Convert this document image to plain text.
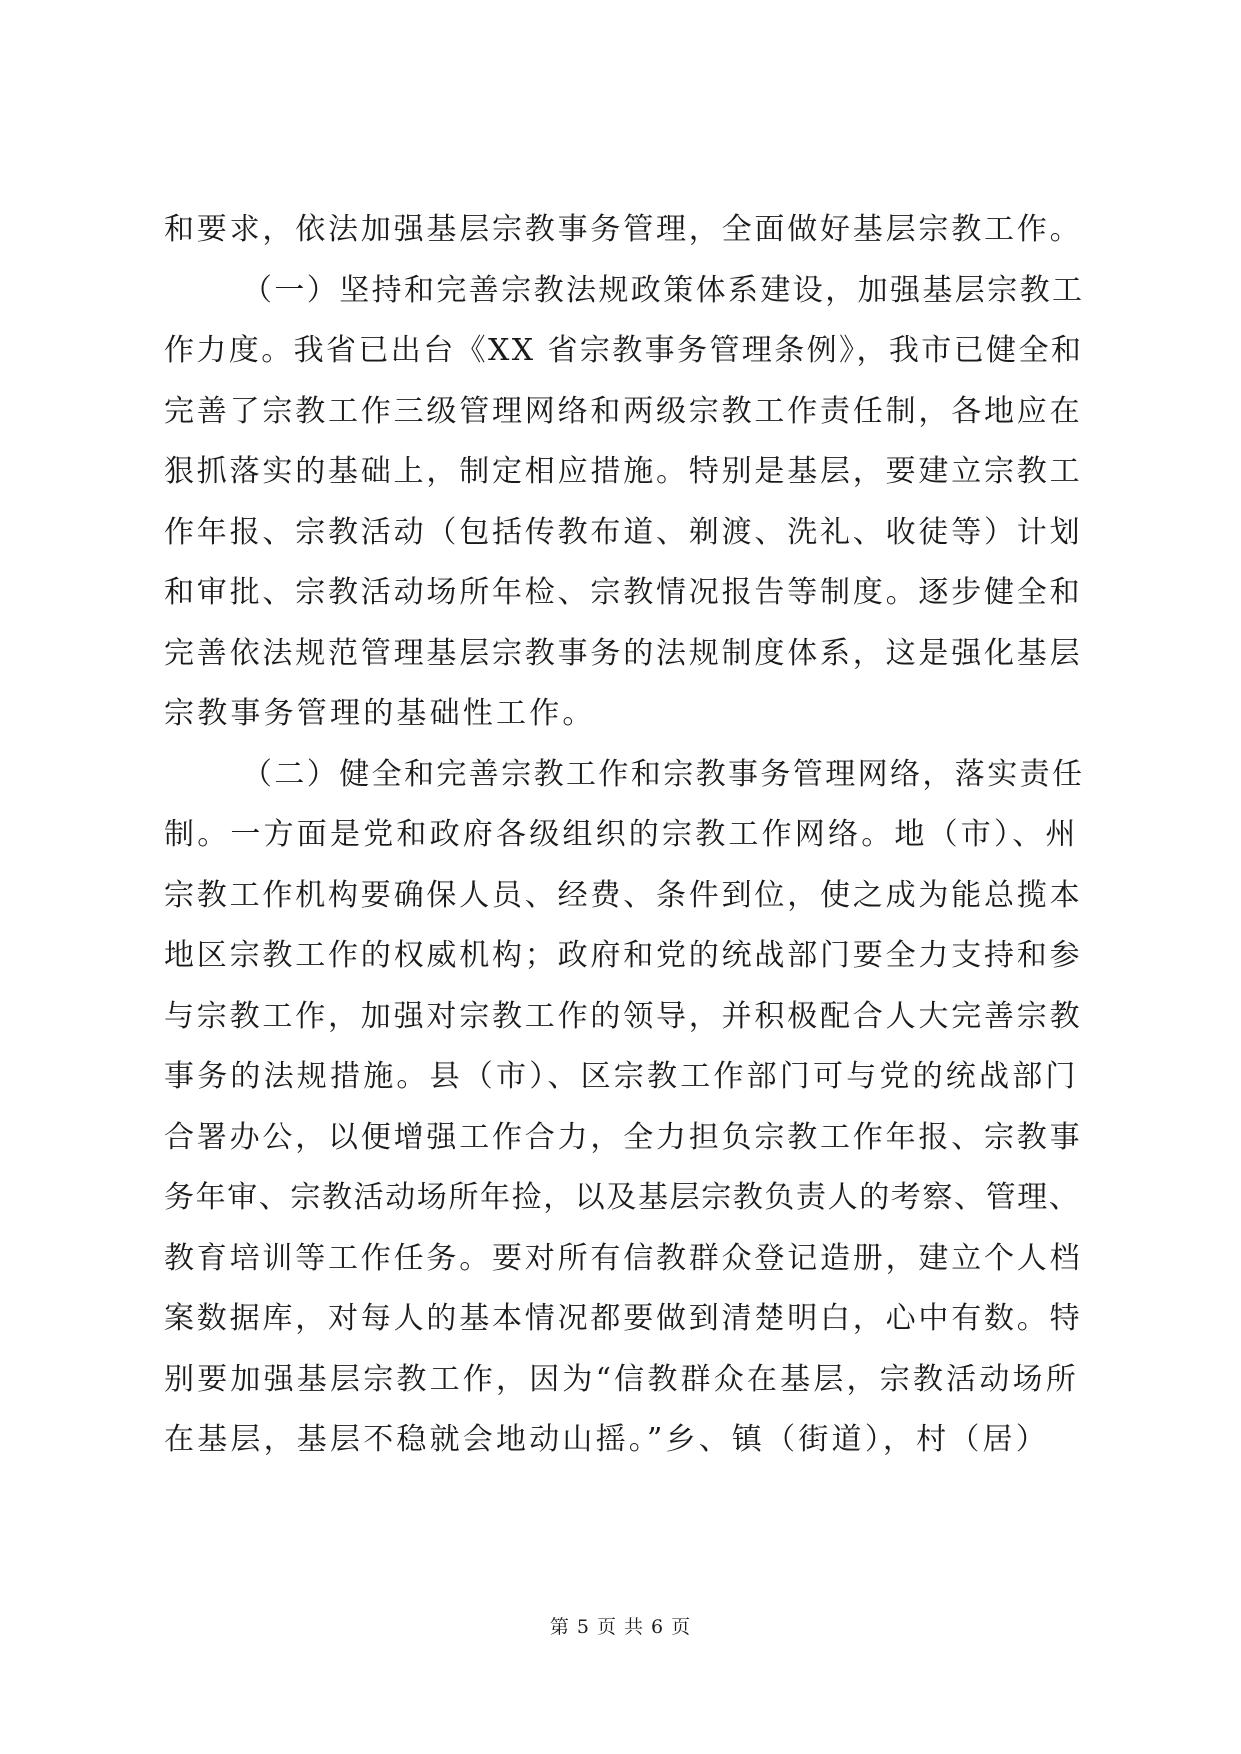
和要求，依法加强基层宗教事务管理，全面做好基层宗教工作。
（一）坚持和完善宗教法规政策体系建设，加强基层宗教工
作力度。我省已出台《XX 省宗教事务管理条例》，我市已健全和
完善了宗教工作三级管理网络和两级宗教工作责任制，各地应在
狠抓落实的基础上，制定相应措施。特别是基层，要建立宗教工
作年报、宗教活动（包括传教布道、剃渡、洗礼、收徒等）计划
和审批、宗教活动场所年检、宗教情况报告等制度。逐步健全和
完善依法规范管理基层宗教事务的法规制度体系，这是强化基层
宗教事务管理的基础性工作。
（二）健全和完善宗教工作和宗教事务管理网络，落实责任
制。一方面是党和政府各级组织的宗教工作网络。地（市）、州
宗教工作机构要确保人员、经费、条件到位，使之成为能总揽本
地区宗教工作的权威机构；政府和党的统战部门要全力支持和参
与宗教工作，加强对宗教工作的领导，并积极配合人大完善宗教
事务的法规措施。县（市）、区宗教工作部门可与党的统战部门
合署办公，以便增强工作合力，全力担负宗教工作年报、宗教事
务年审、宗教活动场所年捡，以及基层宗教负责人的考察、管理、
教育培训等工作任务。要对所有信教群众登记造册，建立个人档
案数据库，对每人的基本情况都要做到清楚明白，心中有数。特
别要加强基层宗教工作，因为“信教群众在基层，宗教活动场所
在基层，基层不稳就会地动山摇。”乡、镇（街道），村（居）
第 5 页 共 6 页
